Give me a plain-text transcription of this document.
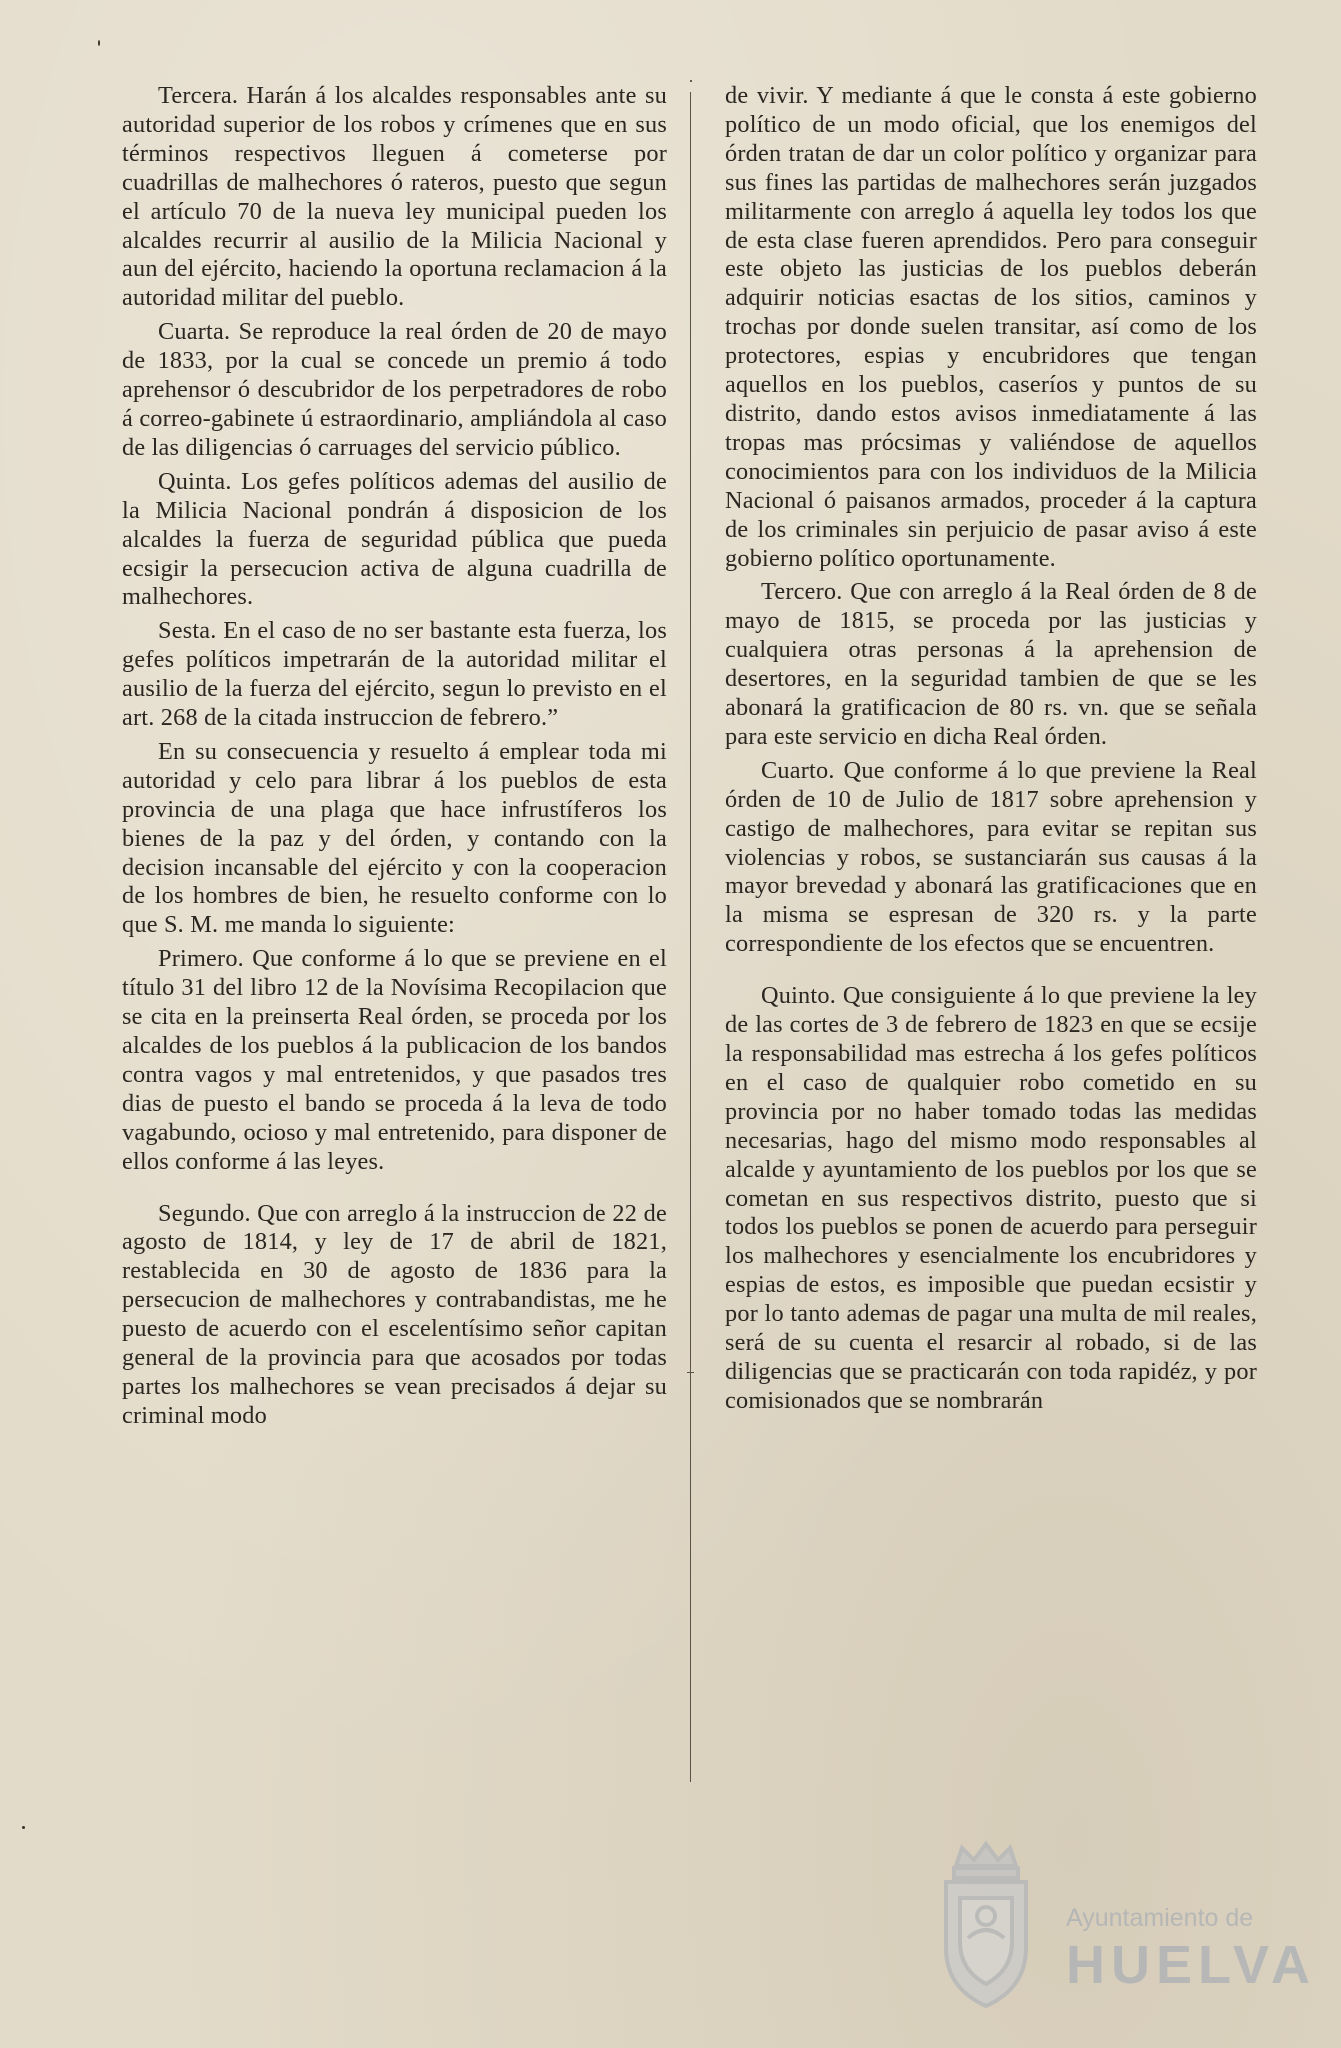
Tercera. Harán á los alcaldes responsables ante su autoridad superior de los robos y crímenes que en sus términos respectivos lleguen á cometerse por cuadrillas de malhechores ó rateros, puesto que segun el artículo 70 de la nueva ley municipal pueden los alcaldes recurrir al ausilio de la Milicia Nacional y aun del ejército, haciendo la oportuna reclamacion á la autoridad militar del pueblo.

Cuarta. Se reproduce la real órden de 20 de mayo de 1833, por la cual se concede un premio á todo aprehensor ó descubridor de los perpetradores de robo á correo-gabinete ú estraordinario, ampliándola al caso de las diligencias ó carruages del servicio público.

Quinta. Los gefes políticos ademas del ausilio de la Milicia Nacional pondrán á disposicion de los alcaldes la fuerza de seguridad pública que pueda ecsigir la persecucion activa de alguna cuadrilla de malhechores.

Sesta. En el caso de no ser bastante esta fuerza, los gefes políticos impetrarán de la autoridad militar el ausilio de la fuerza del ejército, segun lo previsto en el art. 268 de la citada instruccion de febrero.”

En su consecuencia y resuelto á emplear toda mi autoridad y celo para librar á los pueblos de esta provincia de una plaga que hace infrustíferos los bienes de la paz y del órden, y contando con la decision incansable del ejército y con la cooperacion de los hombres de bien, he resuelto conforme con lo que S. M. me manda lo siguiente:

Primero. Que conforme á lo que se previene en el título 31 del libro 12 de la Novísima Recopilacion que se cita en la preinserta Real órden, se proceda por los alcaldes de los pueblos á la publicacion de los bandos contra vagos y mal entretenidos, y que pasados tres dias de puesto el bando se proceda á la leva de todo vagabundo, ocioso y mal entretenido, para disponer de ellos conforme á las leyes.

Segundo. Que con arreglo á la instruccion de 22 de agosto de 1814, y ley de 17 de abril de 1821, restablecida en 30 de agosto de 1836 para la persecucion de malhechores y contrabandistas, me he puesto de acuerdo con el escelentísimo señor capitan general de la provincia para que acosados por todas partes los malhechores se vean precisados á dejar su criminal modo

de vivir. Y mediante á que le consta á este gobierno político de un modo oficial, que los enemigos del órden tratan de dar un color político y organizar para sus fines las partidas de malhechores serán juzgados militarmente con arreglo á aquella ley todos los que de esta clase fueren aprendidos. Pero para conseguir este objeto las justicias de los pueblos deberán adquirir noticias esactas de los sitios, caminos y trochas por donde suelen transitar, así como de los protectores, espias y encubridores que tengan aquellos en los pueblos, caseríos y puntos de su distrito, dando estos avisos inmediatamente á las tropas mas prócsimas y valiéndose de aquellos conocimientos para con los individuos de la Milicia Nacional ó paisanos armados, proceder á la captura de los criminales sin perjuicio de pasar aviso á este gobierno político oportunamente.

Tercero. Que con arreglo á la Real órden de 8 de mayo de 1815, se proceda por las justicias y cualquiera otras personas á la aprehension de desertores, en la seguridad tambien de que se les abonará la gratificacion de 80 rs. vn. que se señala para este servicio en dicha Real órden.

Cuarto. Que conforme á lo que previene la Real órden de 10 de Julio de 1817 sobre aprehension y castigo de malhechores, para evitar se repitan sus violencias y robos, se sustanciarán sus causas á la mayor brevedad y abonará las gratificaciones que en la misma se espresan de 320 rs. y la parte correspondiente de los efectos que se encuentren.

Quinto. Que consiguiente á lo que previene la ley de las cortes de 3 de febrero de 1823 en que se ecsije la responsabilidad mas estrecha á los gefes políticos en el caso de qualquier robo cometido en su provincia por no haber tomado todas las medidas necesarias, hago del mismo modo responsables al alcalde y ayuntamiento de los pueblos por los que se cometan en sus respectivos distrito, puesto que si todos los pueblos se ponen de acuerdo para perseguir los malhechores y esencialmente los encubridores y espias de estos, es imposible que puedan ecsistir y por lo tanto ademas de pagar una multa de mil reales, será de su cuenta el resarcir al robado, si de las diligencias que se practicarán con toda rapidéz, y por comisionados que se nombrarán

Ayuntamiento de
HUELVA
